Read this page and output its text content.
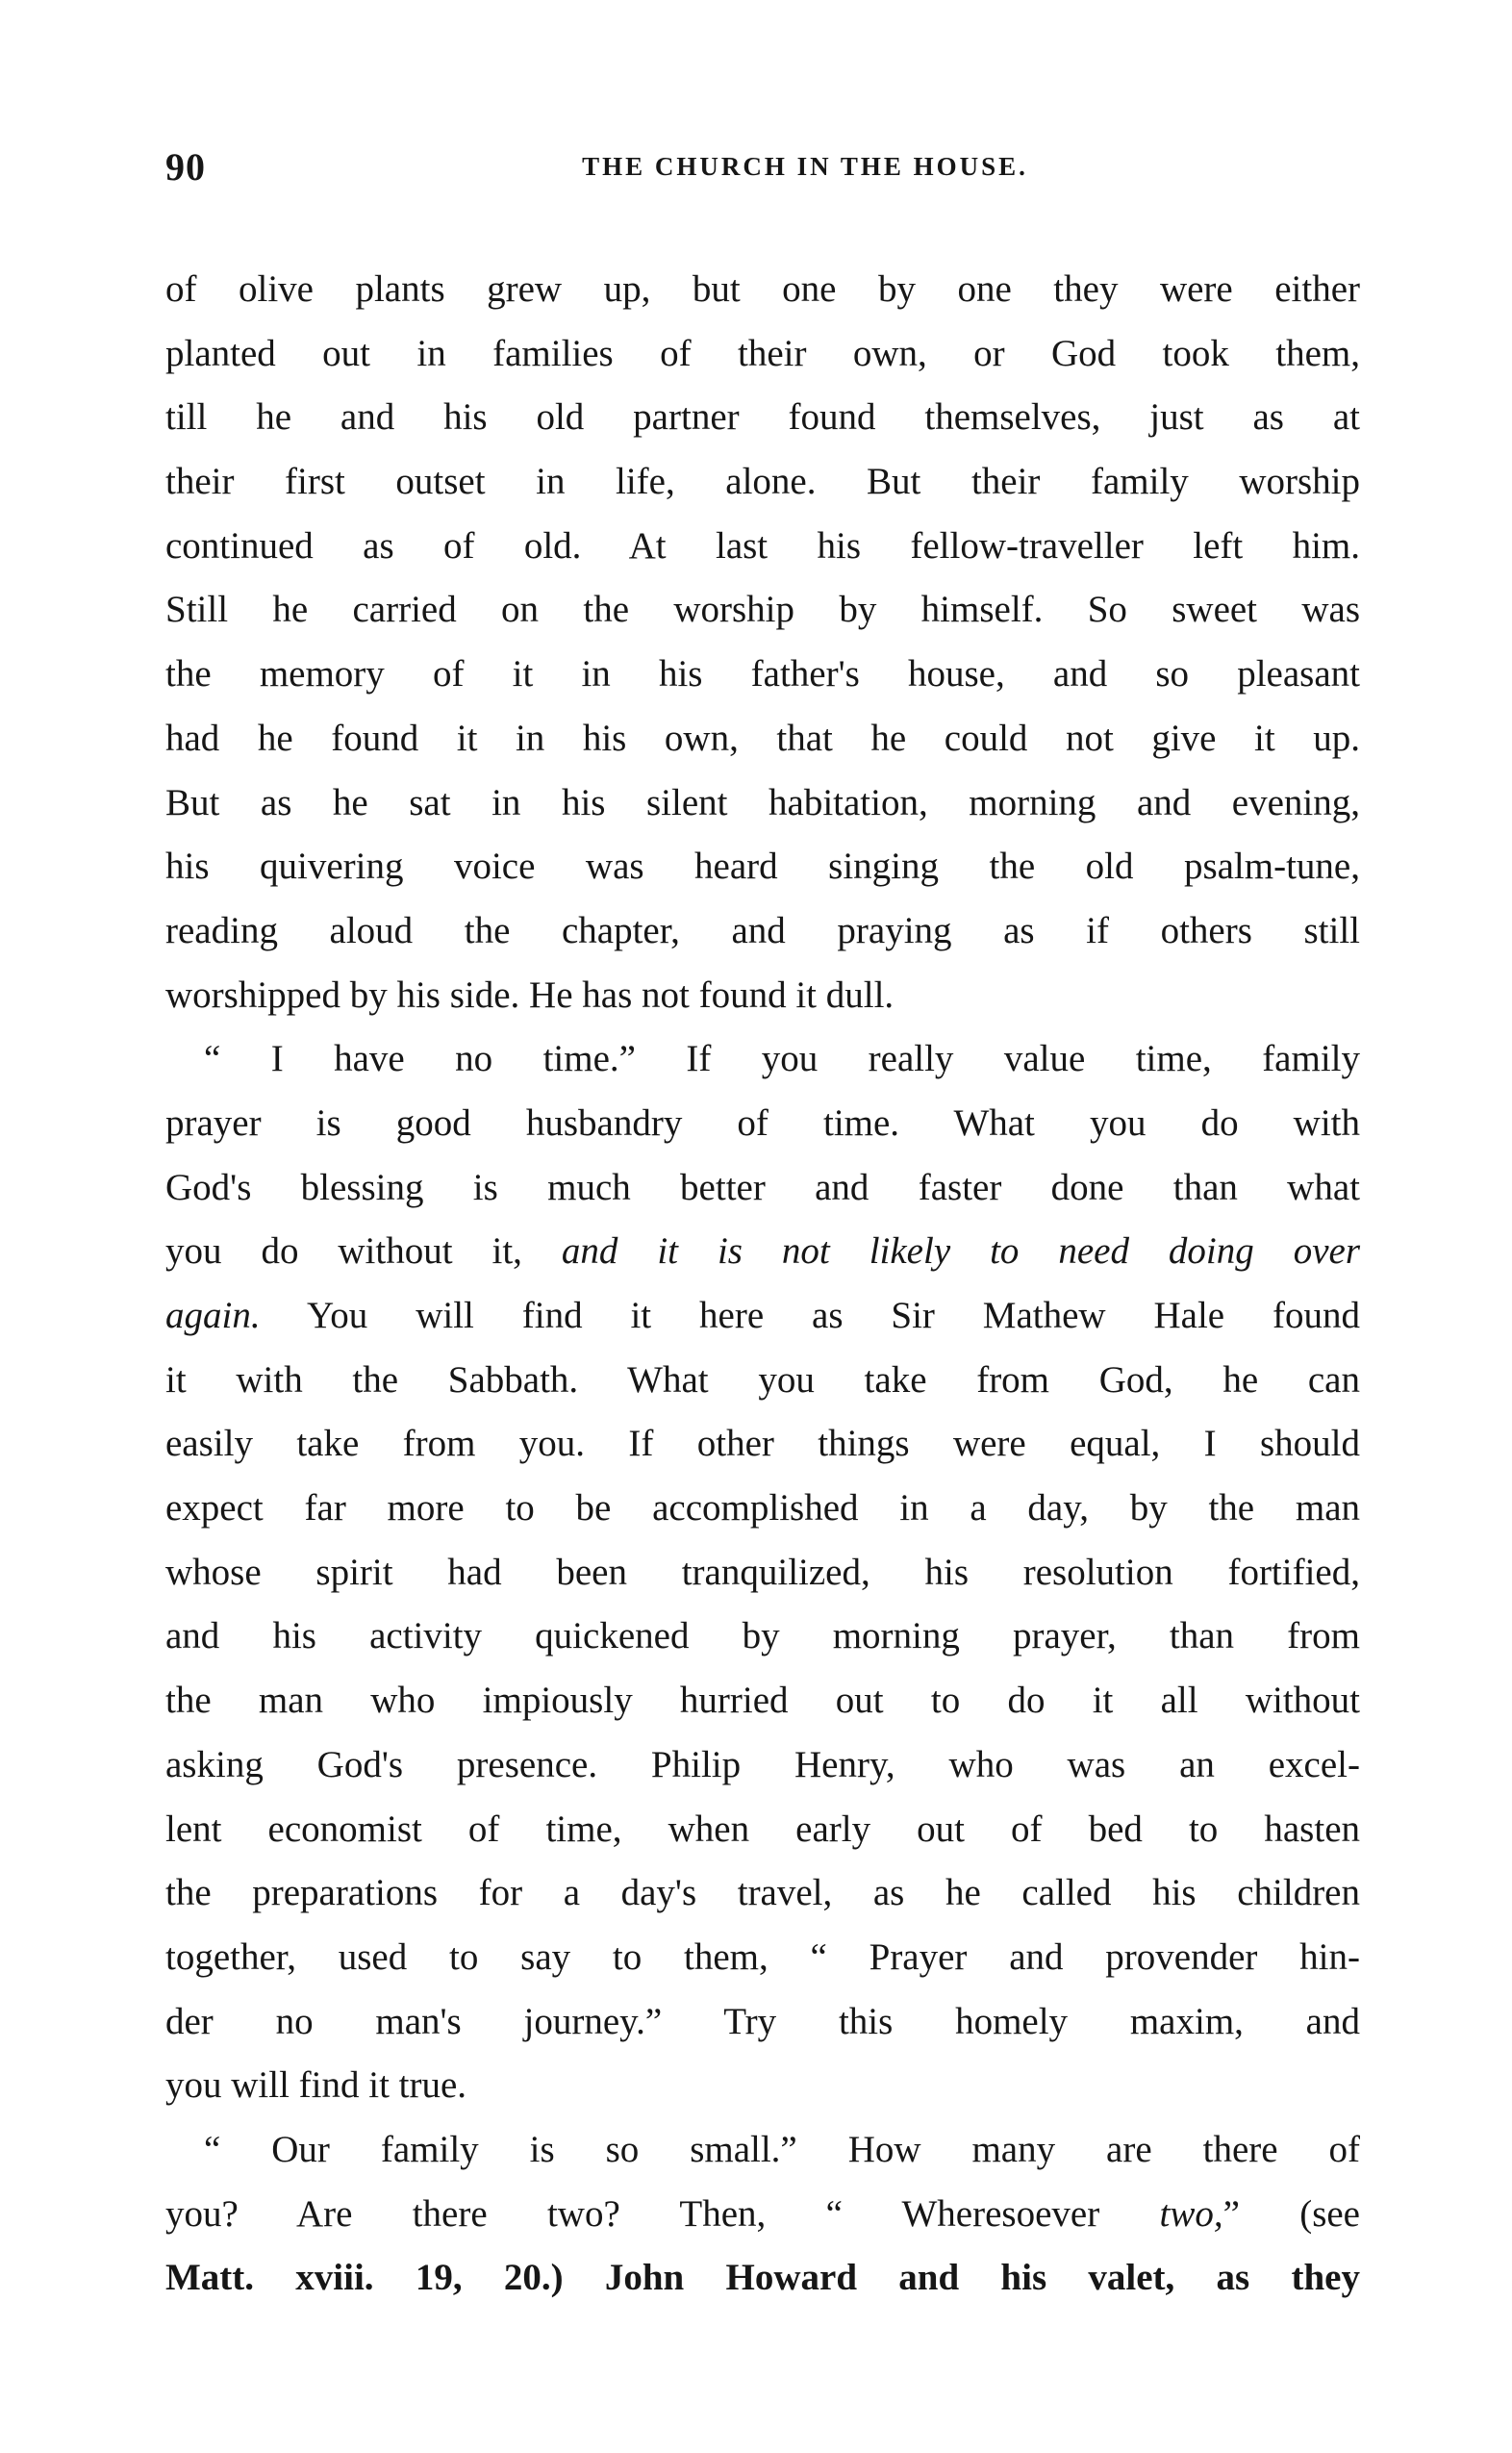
90	THE CHURCH IN THE HOUSE.
of olive plants grew up, but one by one they were either
planted out in families of their own, or God took them,
till he and his old partner found themselves, just as at
their first outset in life, alone. But their family worship
continued as of old. At last his fellow-traveller left him.
Still he carried on the worship by himself. So sweet was
the memory of it in his father's house, and so pleasant
had he found it in his own, that he could not give it up.
But as he sat in his silent habitation, morning and evening,
his quivering voice was heard singing the old psalm-tune,
reading aloud the chapter, and praying as if others still
worshipped by his side. He has not found it dull.
“ I have no time.” If you really value time, family
prayer is good husbandry of time. What you do with
God's blessing is much better and faster done than what
you do without it, and it is not likely to need doing over
again. You will find it here as Sir Mathew Hale found
it with the Sabbath. What you take from God, he can
easily take from you. If other things were equal, I should
expect far more to be accomplished in a day, by the man
whose spirit had been tranquilized, his resolution fortified,
and his activity quickened by morning prayer, than from
the man who impiously hurried out to do it all without
asking God's presence. Philip Henry, who was an excel-
lent economist of time, when early out of bed to hasten
the preparations for a day's travel, as he called his children
together, used to say to them, “ Prayer and provender hin-
der no man's journey.” Try this homely maxim, and
you will find it true.
“ Our family is so small.” How many are there of
you? Are there two? Then, “ Wheresoever two,” (see
Matt. xviii. 19, 20.) John Howard and his valet, as they
